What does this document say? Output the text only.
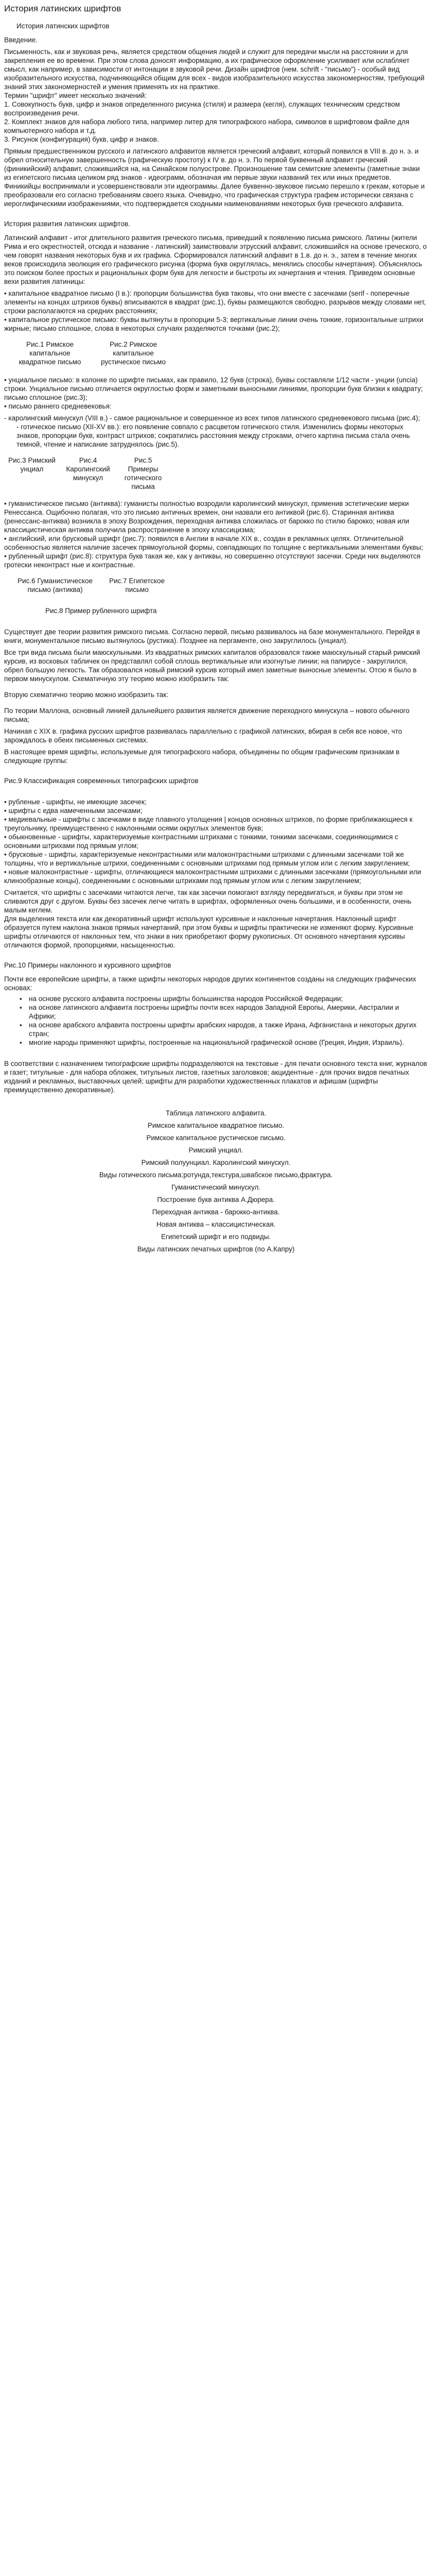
История латинских шрифтов

История латинских шрифтов

Введение.

Письменность, как и звуковая речь, является средством общения людей и служит для передачи мысли на расстоянии и для закрепления ее во времени. При этом слова доносят информацию, а их графическое оформление усиливает или ослабляет смысл, как например, в зависимости от интонации в звуковой речи. Дизайн шрифтов (нем. schrift - "письмо") - особый вид изобразительного искусства, подчиняющийся общим для всех - видов изобразительного искусства закономерностям, требующий знаний этих закономерностей и умения применять их на практике.

Термин "шрифт" имеет несколько значений:

1. Совокупность букв, цифр и знаков определенного рисунка (стиля) и размера (кегля), служащих техническим средством воспроизведения речи.

2. Комплект знаков для набора любого типа, например литер для типографского набора, символов в шрифтовом файле для компьютерного набора и т.д.

3. Рисунок (конфигурация) букв, цифр и знаков.

Прямым предшественником русского и латинского алфавитов является греческий алфавит, который появился в VIII в. до н. э. и обрел относительную завершенность (графическую простоту) к IV в. до н. э. По первой буквенный алфавит греческий (финикийский) алфавит, сложившийся на, на Синайском полуострове. Произношение там семитские элементы (гаметные знаки из египетского письма целиком ряд знаков - идеограмм, обозначая им первые звуки названий тех или иных предметов. Финикийцы воспринимали и усовершенствовали эти идеограммы. Далее буквенно-звуковое письмо перешло к грекам, которые и преобразовали его согласно требованиям своего языка. Очевидно, что графическая структура графем исторически связана с иероглифическими изображениями, что подтверждается сходными наименованиями некоторых букв греческого алфавита.

История развития латинских шрифтов.

Латинский алфавит - итог длительного развития греческого письма, приведший к появлению письма римского. Латины (жители Рима и его окрестностей, отсюда и название - латинский) заимствовали этрусский алфавит, сложившийся на основе греческого, о чем говорят названия некоторых букв и их графика. Сформировался латинский алфавит в 1.в. до н. э., затем в течение многих веков происходила эволюция его графического рисунка (форма букв округлялась, менялись способы начертания). Объяснялось это поиском более простых и рациональных форм букв для легкости и быстроты их начертания и чтения. Приведем основные вехи развития латиницы:

• капитальное квадратное письмо (I в.): пропорции большинства букв таковы, что они вместе с засечками (serif - поперечные элементы на концах штрихов буквы) вписываются в квадрат (рис.1), буквы размещаются свободно, разрывов между словами нет, строки располагаются на средних расстояниях;

• капитальное рустическое письмо: буквы вытянуты в пропорции 5-3; вертикальные линии очень тонкие, горизонтальные штрихи жирные; письмо сплошное, слова в некоторых случаях разделяются точками (рис.2);

Рис.1 Римское капитальное квадратное письмо
Рис.2 Римское капитальное рустическое письмо

• унциальное письмо: в колонке по шрифте письмах, как правило, 12 букв (строка), буквы составляли 1/12 части - унции (uncia) строки. Унциальное письмо отличается округлостью форм и заметными выносными линиями, пропорции букв близки к квадрату; письмо сплошное (рис.3);

• письмо раннего средневековья:

- каролингский минускул (VIII в.) - самое рациональное и совершенное из всех типов латинского средневекового письма (рис.4);

- готическое письмо (XII-XV вв.): его появление совпало с расцветом готического стиля. Изменились формы некоторых знаков, пропорции букв, контраст штрихов; сократились расстояния между строками, отчего картина письма стала очень темной, чтение и написание затруднялось (рис.5).

Рис.3 Римский унциал
Рис.4 Каролингский минускул
Рис.5 Примеры готического письма

• гуманистическое письмо (антиква): гуманисты полностью возродили каролингский минускул, применив эстетические мерки Ренессанса. Ощибочно полагая, что это письмо античных времен, они назвали его антиквой (рис.6). Старинная антиква (ренессанс-антиква) возникла в эпоху Возрождения, переходная антиква сложилась от барокко по стилю барокко; новая или классицистическая антиква получила распространение в эпоху классицизма;

• английский, или брусковый шрифт (рис.7): появился в Англии в начале XIX в., создан в рекламных целях. Отличительной особенностью является наличие засечек прямоугольной формы, совпадающих по толщине с вертикальными элементами буквы;

• рубленный шрифт (рис.8): структура букв такая же, как у антиквы, но совершенно отсутствуют засечки. Среди них выделяются гротески неконтраст ные и контрастные.

Рис.6 Гуманистическое письмо (антиква)
Рис.7 Египетское письмо

Рис.8 Пример рубленного шрифта

Существует две теории развития римского письма. Согласно первой, письмо развивалось на базе монументального. Перейдя в книги, монументальное письмо вытянулось (рустика). Позднее на пергаменте, оно закруглилось (унциал).

Все три вида письма были маюскульными. Из квадратных римских капиталов образовался также маюскульный старый римский курсив, из восковых табличек он представлял собой сплошь вертикальные или изогнутые линии; на папирусе - закруглился, обрел большую легкость. Так образовался новый римский курсив который имел заметные выносные элементы. Отсю я было в первом минускулом. Схематичную эту теорию можно изобразить так:

Вторую схематично теорию можно изобразить так:

По теории Маллона, основный линией дальнейшего развития является движение переходного минускула – нового обычного письма;

Начиная с XIX в. графика русских шрифтов развивалась параллельно с графикой латинских, вбирая в себя все новое, что зарождалось в обеих письменных системах.

В настоящее время шрифты, используемые для типографского набора, объединены по общим графическим признакам в следующие группы:

Рис.9 Классификация современных типографских шрифтов

• рубленые - шрифты, не имеющие засечек;

• шрифты с едва намеченными засечками;

• медиевальные - шрифты с засечками в виде плавного утолщения | концов основных штрихов, по форме приближающиеся к треугольнику, преимущественно с наклонными осями округлых элементов букв;

• обыкновенные - шрифты, характеризуемые контрастными штрихами с тонкими, тонкими засечками, соединяющимися с основными штрихами под прямым углом;

• брусковые - шрифты, характеризуемые неконтрастными или малоконтрастными штрихами с длинными засечками той же толщины, что и вертикальные штрихи, соединенными с основными штрихами под прямым углом или с легким закруглением;

• новые малоконтрастные - шрифты, отличающиеся малоконтрастными штрихами с длинными засечками (прямоугольными или клинообразные концы), соединенными с основными штрихами под прямым углом или с легким закруглением;

Считается, что шрифты с засечками читаются легче, так как засечки помогают взгляду передвигаться, и буквы при этом не сливаются друг с другом. Буквы без засечек легче читать в шрифтах, оформленных очень большими, и в особенности, очень малым кеглем.

Для выделения текста или как декоративный шрифт используют курсивные и наклонные начертания. Наклонный шрифт образуется путем наклона знаков прямых начертаний, при этом буквы и шрифты практически не изменяют форму. Курсивные шрифты отличаются от наклонных тем, что знаки в них приобретают форму рукописных. От основного начертания курсивы отличаются формой, пропорциями, насыщенностью.

Рис.10 Примеры наклонного и курсивного шрифтов

Почти все европейские шрифты, а также шрифты некоторых народов других континентов созданы на следующих графических основах:

▪ на основе русского алфавита построены шрифты большинства народов Российской Федерации;
▪ на основе латинского алфавита построены шрифты почти всех народов Западной Европы, Америки, Австралии и Африки;
▪ на основе арабского алфавита построены шрифты арабских народов, а также Ирана, Афганистана и некоторых других стран;
▪ многие народы применяют шрифты, построенные на национальной графической основе (Греция, Индия, Израиль).

В соответствии с назначением типографские шрифты подразделяются на текстовые - для печати основного текста книг, журналов и газет; титульные - для набора обложек, титульных листов, газетных заголовков; акцидентные - для прочих видов печатных изданий и рекламных, выставочных целей; шрифты для разработки художественных плакатов и афишам (шрифты преимущественно декоративные).

Таблица латинского алфавита.
Римское капитальное квадратное письмо.
Римское капитальное рустическое письмо.
Римский унциал.
Римский полуунциал. Каролингский минускул.
Виды готического письма:ротунда,текстура,швабское письмо,фрактура.
Гуманистический минускул.
Построение букв антиква А.Дюрера.
Переходная антиква - барокко-антиква.
Новая антиква – классицистическая.
Египетский шрифт и его подвиды.
Виды латинских печатных шрифтов (по А.Капру)
